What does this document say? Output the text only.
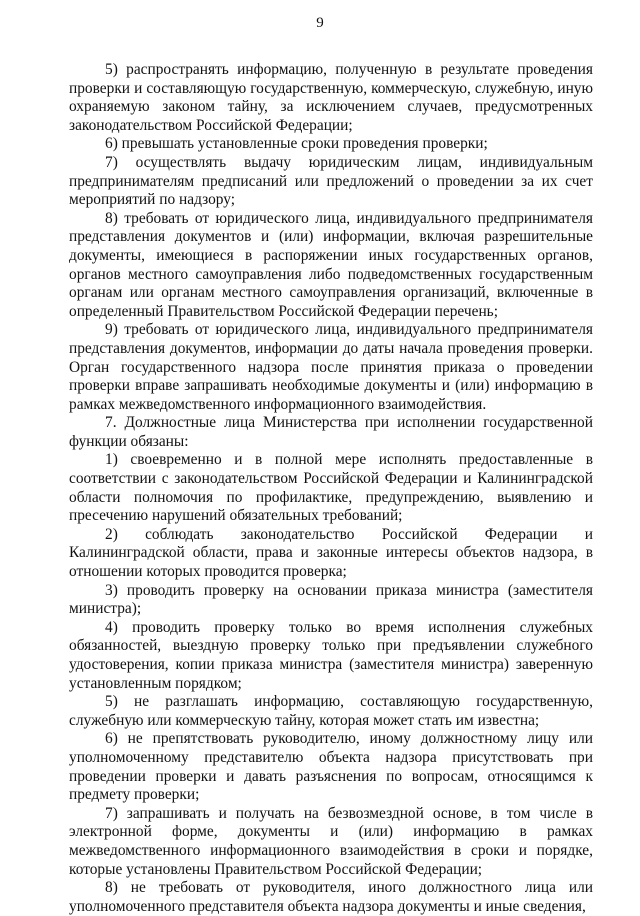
9

5) распространять информацию, полученную в результате проведения проверки и составляющую государственную, коммерческую, служебную, иную охраняемую законом тайну, за исключением случаев, предусмотренных законодательством Российской Федерации;

6) превышать установленные сроки проведения проверки;

7) осуществлять выдачу юридическим лицам, индивидуальным предпринимателям предписаний или предложений о проведении за их счет мероприятий по надзору;

8) требовать от юридического лица, индивидуального предпринимателя представления документов и (или) информации, включая разрешительные документы, имеющиеся в распоряжении иных государственных органов, органов местного самоуправления либо подведомственных государственным органам или органам местного самоуправления организаций, включенные в определенный Правительством Российской Федерации перечень;

9) требовать от юридического лица, индивидуального предпринимателя представления документов, информации до даты начала проведения проверки. Орган государственного надзора после принятия приказа о проведении проверки вправе запрашивать необходимые документы и (или) информацию в рамках межведомственного информационного взаимодействия.

7. Должностные лица Министерства при исполнении государственной функции обязаны:

1) своевременно и в полной мере исполнять предоставленные в соответствии с законодательством Российской Федерации и Калининградской области полномочия по профилактике, предупреждению, выявлению и пресечению нарушений обязательных требований;

2) соблюдать законодательство Российской Федерации и Калининградской области, права и законные интересы объектов надзора, в отношении которых проводится проверка;

3) проводить проверку на основании приказа министра (заместителя министра);

4) проводить проверку только во время исполнения служебных обязанностей, выездную проверку только при предъявлении служебного удостоверения, копии приказа министра (заместителя министра) заверенную установленным порядком;

5) не разглашать информацию, составляющую государственную, служебную или коммерческую тайну, которая может стать им известна;

6) не препятствовать руководителю, иному должностному лицу или уполномоченному представителю объекта надзора присутствовать при проведении проверки и давать разъяснения по вопросам, относящимся к предмету проверки;

7) запрашивать и получать на безвозмездной основе, в том числе в электронной форме, документы и (или) информацию в рамках межведомственного информационного взаимодействия в сроки и порядке, которые установлены Правительством Российской Федерации;

8) не требовать от руководителя, иного должностного лица или уполномоченного представителя объекта надзора документы и иные сведения,
